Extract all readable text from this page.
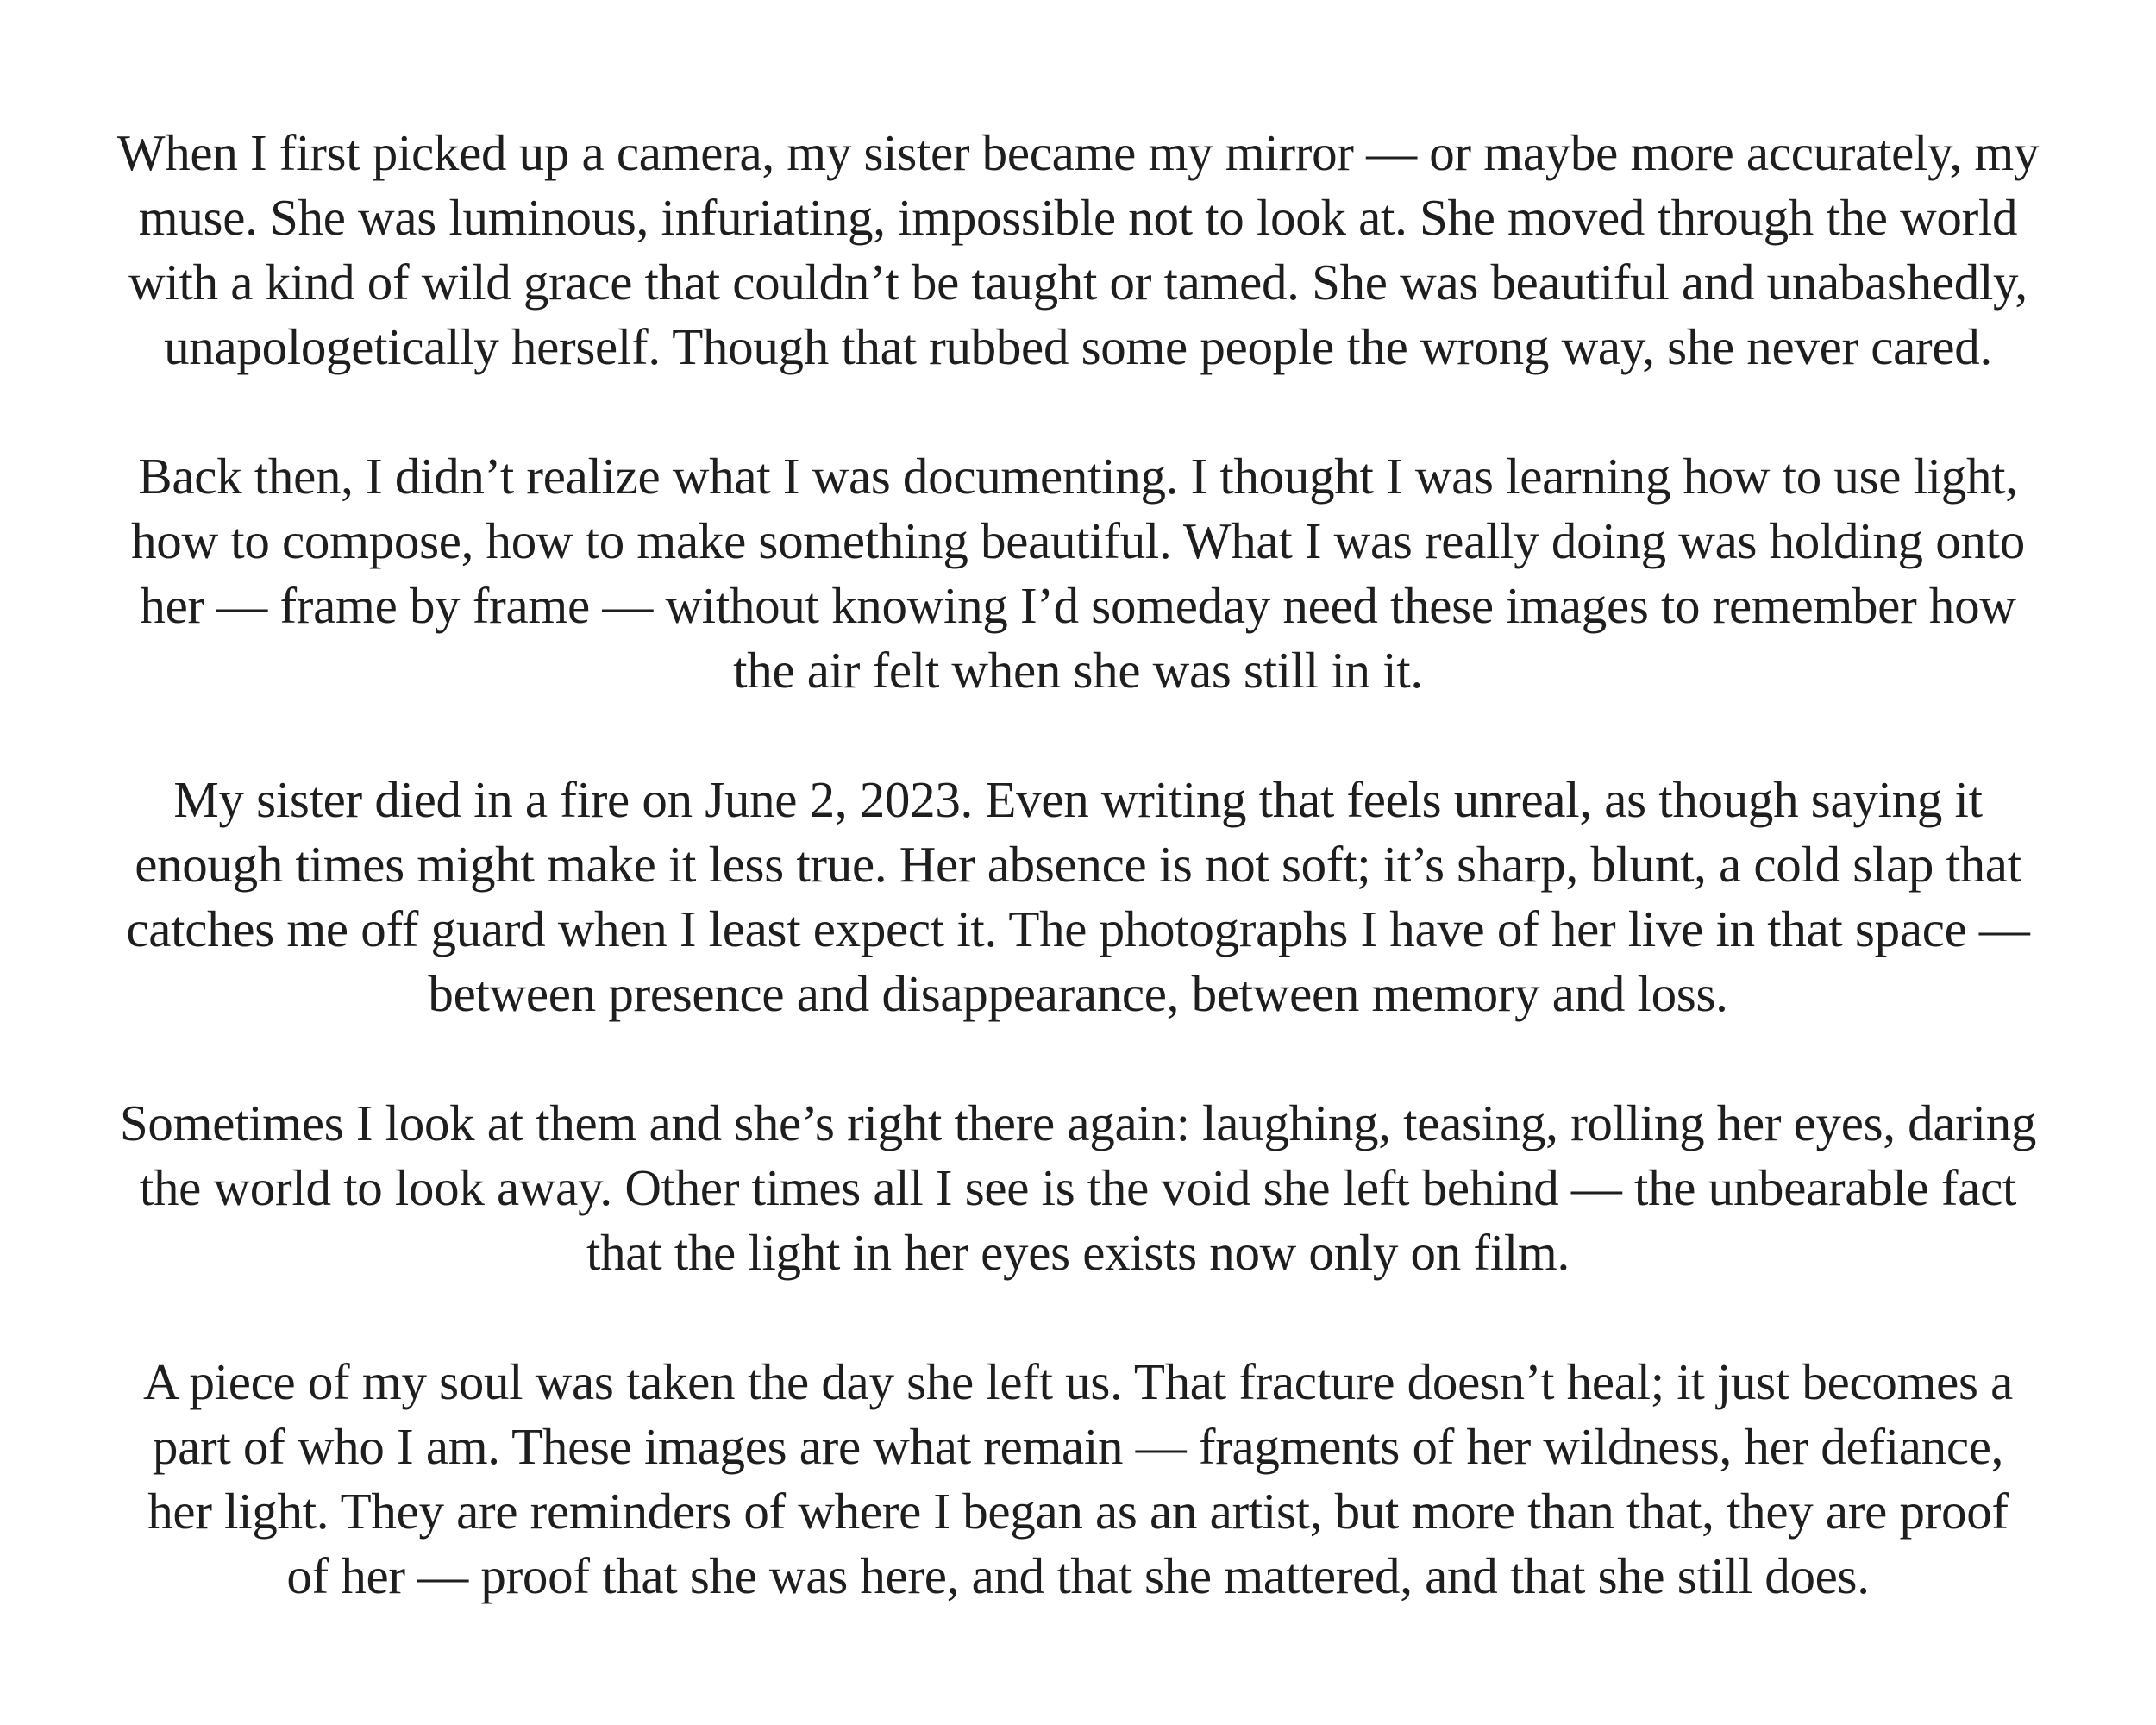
When I first picked up a camera, my sister became my mirror — or maybe more accurately, my
muse. She was luminous, infuriating, impossible not to look at. She moved through the world
with a kind of wild grace that couldn’t be taught or tamed. She was beautiful and unabashedly,
unapologetically herself. Though that rubbed some people the wrong way, she never cared.

Back then, I didn’t realize what I was documenting. I thought I was learning how to use light,
how to compose, how to make something beautiful. What I was really doing was holding onto
her — frame by frame — without knowing I’d someday need these images to remember how
the air felt when she was still in it.

My sister died in a fire on June 2, 2023. Even writing that feels unreal, as though saying it
enough times might make it less true. Her absence is not soft; it’s sharp, blunt, a cold slap that
catches me off guard when I least expect it. The photographs I have of her live in that space —
between presence and disappearance, between memory and loss.

Sometimes I look at them and she’s right there again: laughing, teasing, rolling her eyes, daring
the world to look away. Other times all I see is the void she left behind — the unbearable fact
that the light in her eyes exists now only on film.

A piece of my soul was taken the day she left us. That fracture doesn’t heal; it just becomes a
part of who I am. These images are what remain — fragments of her wildness, her defiance,
her light. They are reminders of where I began as an artist, but more than that, they are proof
of her — proof that she was here, and that she mattered, and that she still does.
